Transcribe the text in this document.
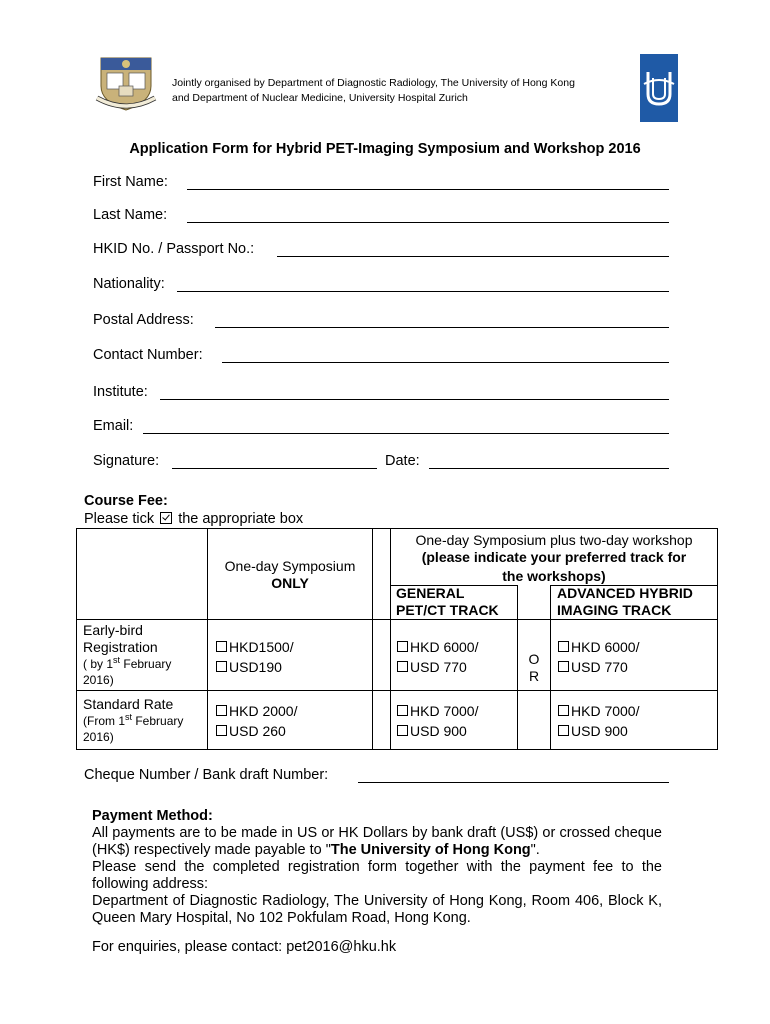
Jointly organised by Department of Diagnostic Radiology, The University of Hong Kong
and Department of Nuclear Medicine, University Hospital Zurich
Application Form for Hybrid PET-Imaging Symposium and Workshop 2016
First Name:
Last Name:
HKID No. / Passport No.:
Nationality:
Postal Address:
Contact Number:
Institute:
Email:
Signature:	Date:
Course Fee:
Please tick the appropriate box
One-day Symposium
ONLY
One-day Symposium plus two-day workshop
(please indicate your preferred track for
the workshops)
GENERAL
PET/CT TRACK
ADVANCED HYBRID
IMAGING TRACK
O
R
Early-bird
Registration
( by 1st February
2016)
HKD1500/
USD190
HKD 6000/
USD 770
HKD 6000/
USD 770
Standard Rate
(From 1st February
2016)
HKD 2000/
USD 260
HKD 7000/
USD 900
HKD 7000/
USD 900
Cheque Number / Bank draft Number:
Payment Method:
All payments are to be made in US or HK Dollars by bank draft (US$) or crossed cheque (HK$) respectively made payable to "The University of Hong Kong".
Please send the completed registration form together with the payment fee to the following address:
Department of Diagnostic Radiology, The University of Hong Kong, Room 406, Block K, Queen Mary Hospital, No 102 Pokfulam Road, Hong Kong.
For enquiries, please contact: pet2016@hku.hk
